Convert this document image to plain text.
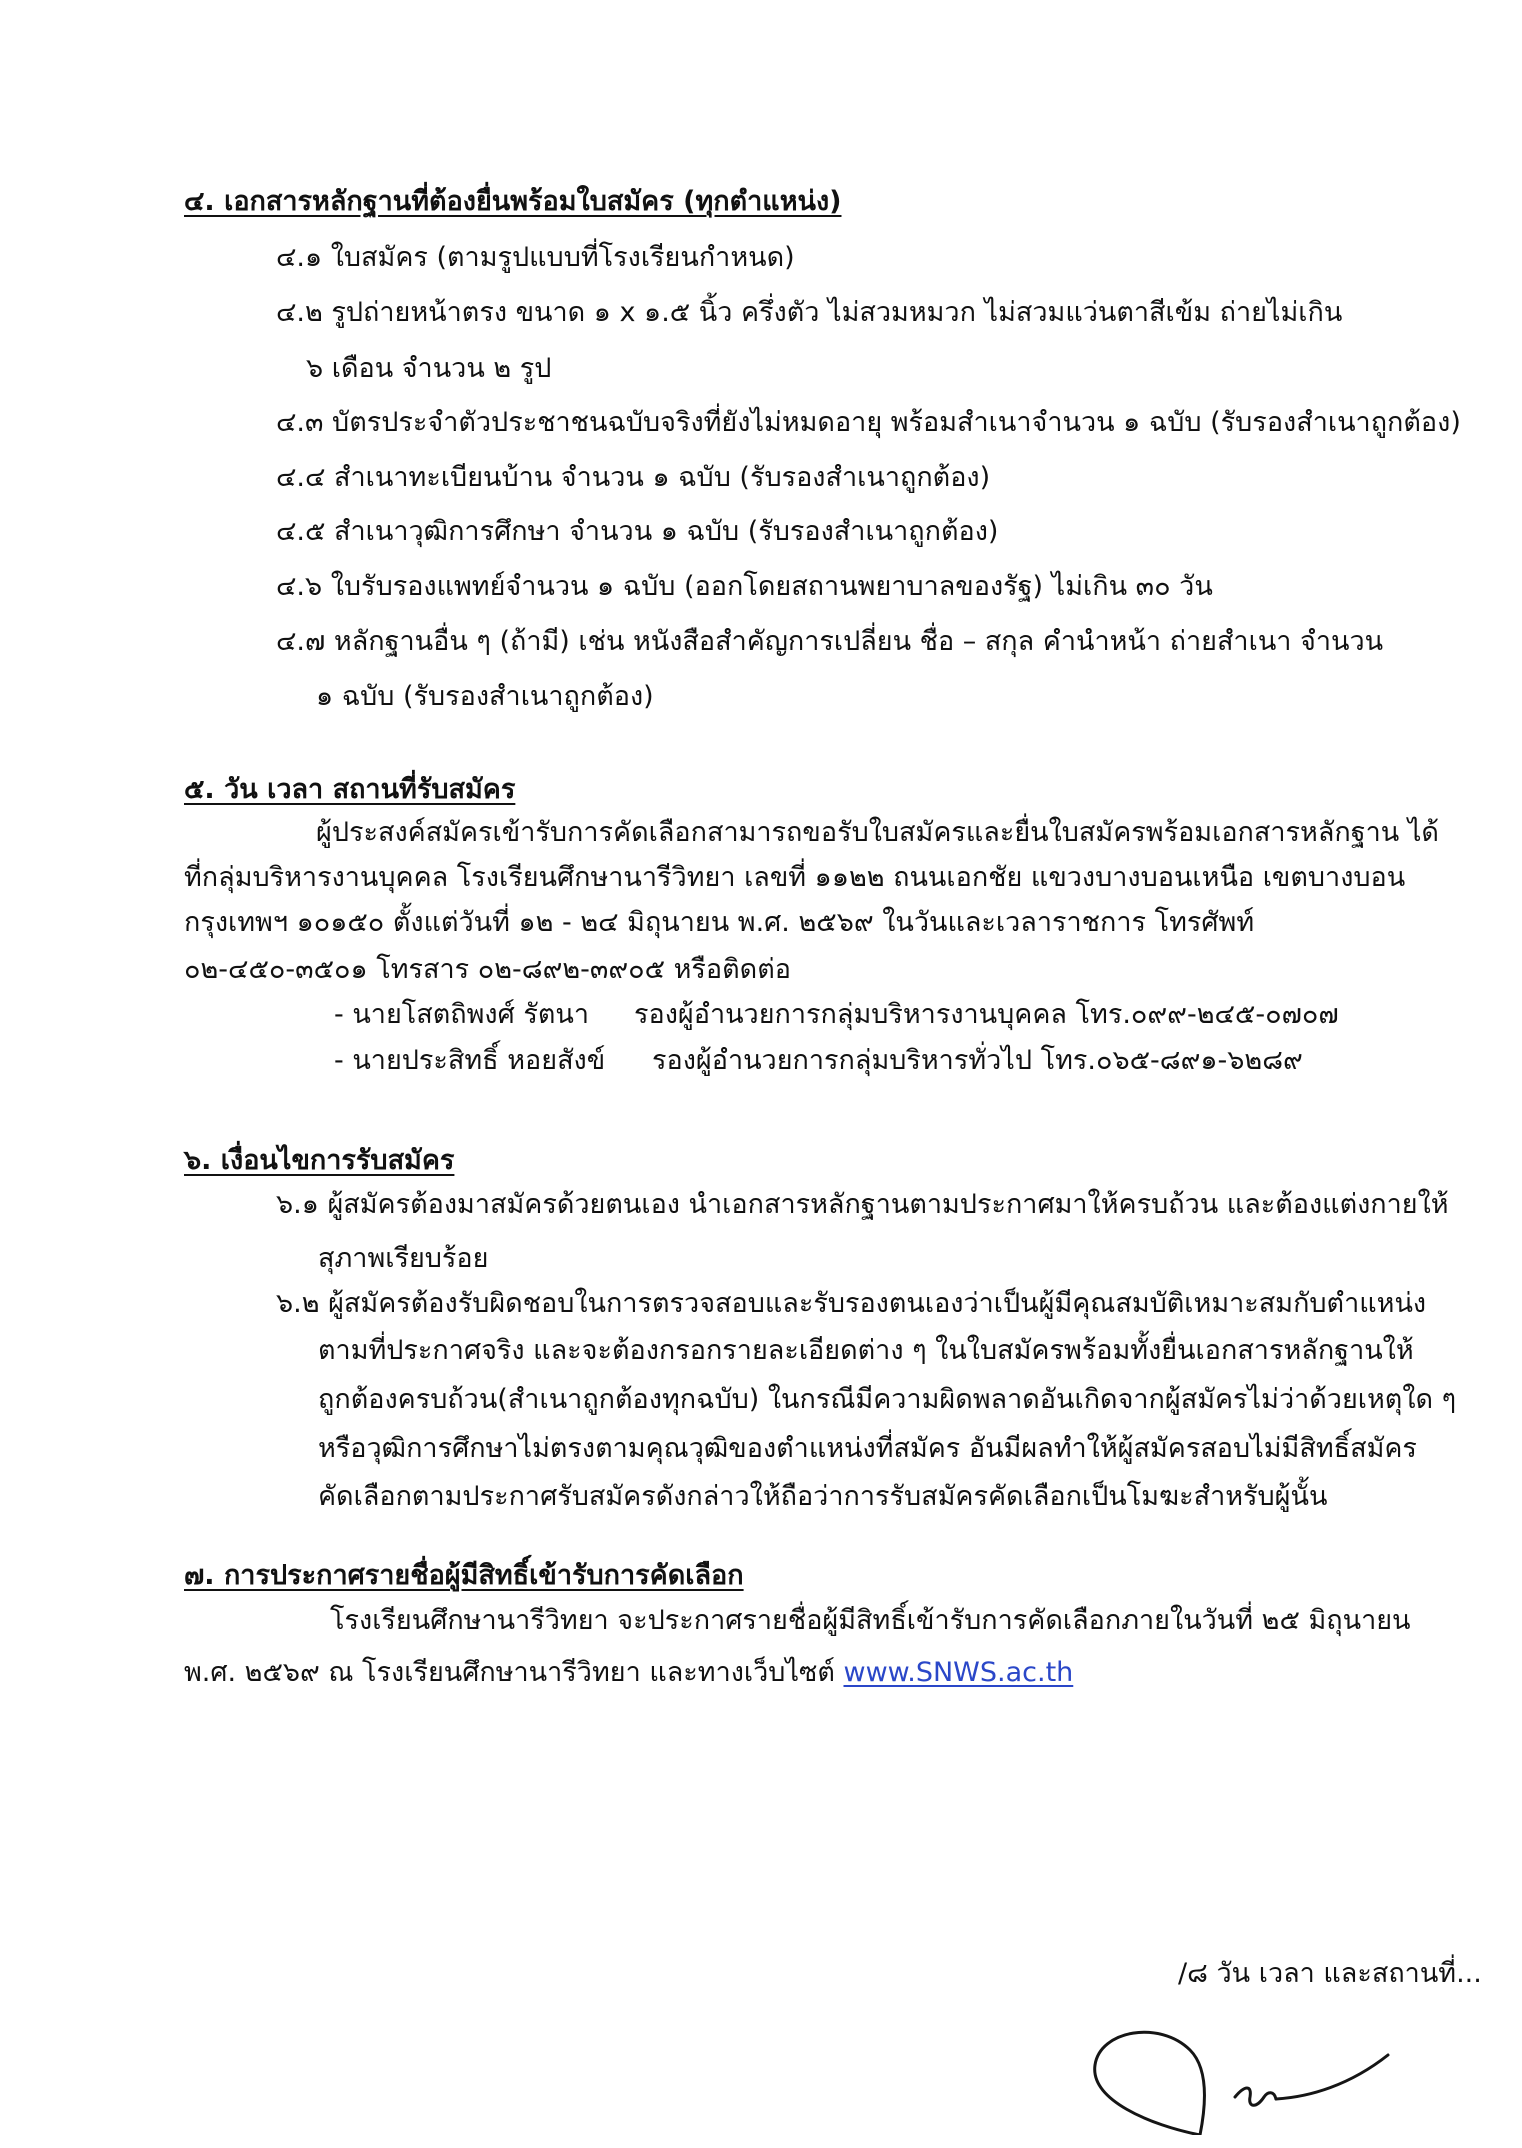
๔. เอกสารหลักฐานที่ต้องยื่นพร้อมใบสมัคร (ทุกตำแหน่ง)
๔.๑ ใบสมัคร (ตามรูปแบบที่โรงเรียนกำหนด)
๔.๒ รูปถ่ายหน้าตรง ขนาด ๑ x ๑.๕ นิ้ว ครึ่งตัว ไม่สวมหมวก ไม่สวมแว่นตาสีเข้ม ถ่ายไม่เกิน
๖ เดือน จำนวน ๒ รูป
๔.๓ บัตรประจำตัวประชาชนฉบับจริงที่ยังไม่หมดอายุ พร้อมสำเนาจำนวน ๑ ฉบับ (รับรองสำเนาถูกต้อง)
๔.๔ สำเนาทะเบียนบ้าน จำนวน ๑ ฉบับ (รับรองสำเนาถูกต้อง)
๔.๕ สำเนาวุฒิการศึกษา จำนวน ๑ ฉบับ (รับรองสำเนาถูกต้อง)
๔.๖ ใบรับรองแพทย์จำนวน ๑ ฉบับ (ออกโดยสถานพยาบาลของรัฐ) ไม่เกิน ๓๐ วัน
๔.๗ หลักฐานอื่น ๆ (ถ้ามี) เช่น หนังสือสำคัญการเปลี่ยน ชื่อ – สกุล คำนำหน้า ถ่ายสำเนา จำนวน
๑ ฉบับ (รับรองสำเนาถูกต้อง)
๕. วัน เวลา สถานที่รับสมัคร
ผู้ประสงค์สมัครเข้ารับการคัดเลือกสามารถขอรับใบสมัครและยื่นใบสมัครพร้อมเอกสารหลักฐาน ได้
ที่กลุ่มบริหารงานบุคคล โรงเรียนศึกษานารีวิทยา เลขที่ ๑๑๒๒ ถนนเอกชัย แขวงบางบอนเหนือ เขตบางบอน
กรุงเทพฯ ๑๐๑๕๐ ตั้งแต่วันที่ ๑๒ - ๒๔ มิถุนายน พ.ศ. ๒๕๖๙ ในวันและเวลาราชการ โทรศัพท์
๐๒-๔๕๐-๓๕๐๑ โทรสาร ๐๒-๘๙๒-๓๙๐๕ หรือติดต่อ
- นายโสตถิพงศ์ รัตนา รองผู้อำนวยการกลุ่มบริหารงานบุคคล โทร.๐๙๙-๒๔๕-๐๗๐๗
- นายประสิทธิ์ หอยสังข์ รองผู้อำนวยการกลุ่มบริหารทั่วไป โทร.๐๖๕-๘๙๑-๖๒๘๙
๖. เงื่อนไขการรับสมัคร
๖.๑ ผู้สมัครต้องมาสมัครด้วยตนเอง นำเอกสารหลักฐานตามประกาศมาให้ครบถ้วน และต้องแต่งกายให้
สุภาพเรียบร้อย
๖.๒ ผู้สมัครต้องรับผิดชอบในการตรวจสอบและรับรองตนเองว่าเป็นผู้มีคุณสมบัติเหมาะสมกับตำแหน่ง
ตามที่ประกาศจริง และจะต้องกรอกรายละเอียดต่าง ๆ ในใบสมัครพร้อมทั้งยื่นเอกสารหลักฐานให้
ถูกต้องครบถ้วน(สำเนาถูกต้องทุกฉบับ) ในกรณีมีความผิดพลาดอันเกิดจากผู้สมัครไม่ว่าด้วยเหตุใด ๆ
หรือวุฒิการศึกษาไม่ตรงตามคุณวุฒิของตำแหน่งที่สมัคร อันมีผลทำให้ผู้สมัครสอบไม่มีสิทธิ์สมัคร
คัดเลือกตามประกาศรับสมัครดังกล่าวให้ถือว่าการรับสมัครคัดเลือกเป็นโมฆะสำหรับผู้นั้น
๗. การประกาศรายชื่อผู้มีสิทธิ์เข้ารับการคัดเลือก
โรงเรียนศึกษานารีวิทยา จะประกาศรายชื่อผู้มีสิทธิ์เข้ารับการคัดเลือกภายในวันที่ ๒๕ มิถุนายน
พ.ศ. ๒๕๖๙ ณ โรงเรียนศึกษานารีวิทยา และทางเว็บไซต์ www.SNWS.ac.th
/๘ วัน เวลา และสถานที่...
